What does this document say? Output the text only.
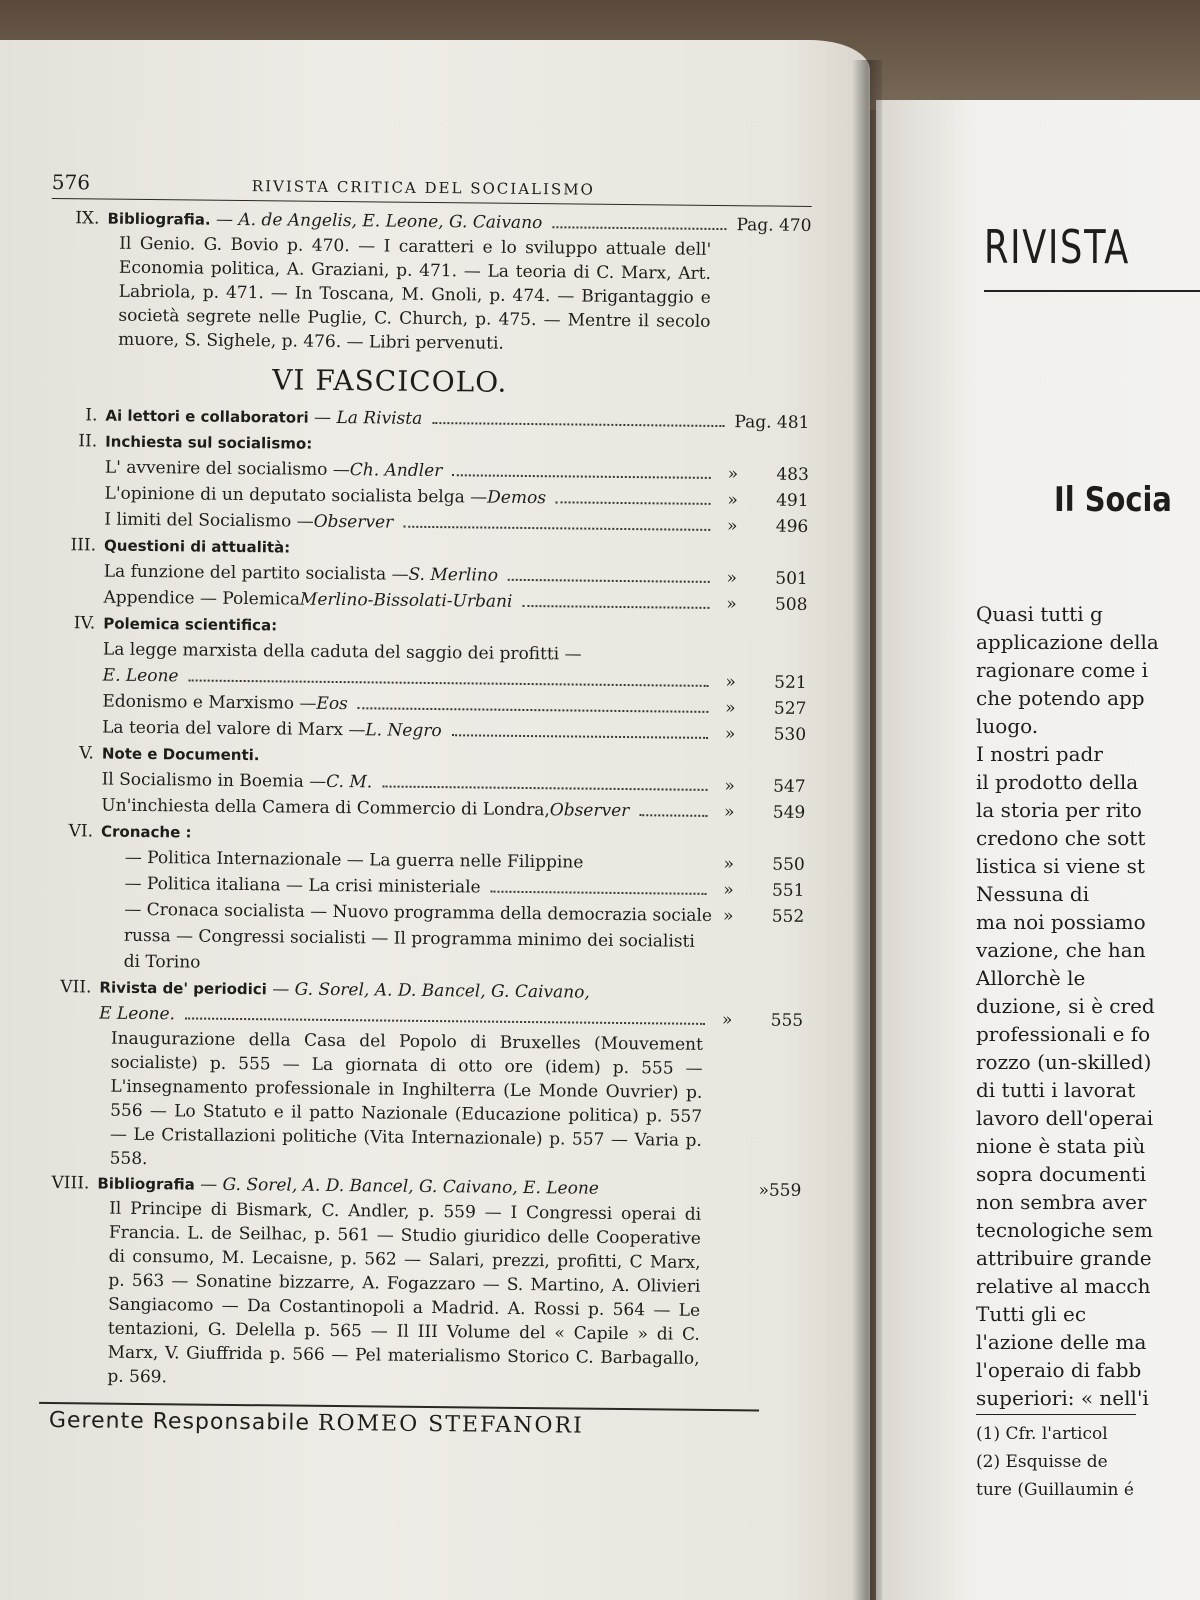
RIVISTA
Il Socia
Quasi tutti g
applicazione della
ragionare come i
che potendo app
luogo.
I nostri padr
il prodotto della
la storia per rito
credono che sott
listica si viene st
Nessuna di
ma noi possiamo
vazione, che han
Allorchè le
duzione, si è cred
professionali e fo
rozzo (un-skilled)
di tutti i lavorat
lavoro dell'operai
nione è stata più
sopra documenti
non sembra aver
tecnologiche sem
attribuire grande
relative al macch
Tutti gli ec
l'azione delle ma
l'operaio di fabb
superiori: « nell'i
(1) Cfr. l'articol
(2) Esquisse de
ture (Guillaumin é
576	RIVISTA CRITICA DEL SOCIALISMO
IX. Bibliografia.
— A. de Angelis, E. Leone, G. Caivano	Pag. 470
Il Genio. G. Bovio p. 470. — I caratteri e lo sviluppo attuale dell' Economia politica, A. Graziani, p. 471. — La teoria di C. Marx, Art. Labriola, p. 471. — In Toscana, M. Gnoli, p. 474. — Brigantaggio e società segrete nelle Puglie, C. Church, p. 475. — Mentre il secolo muore, S. Sighele, p. 476. — Libri pervenuti.
VI FASCICOLO.
I. Ai lettori e collaboratori
— La Rivista	Pag. 481
II. Inchiesta sul socialismo:
L' avvenire del socialismo — Ch. Andler	»	483
L'opinione di un deputato socialista belga — Demos	»	491
I limiti del Socialismo — Observer	»	496
III. Questioni di attualità:
La funzione del partito socialista — S. Merlino	»	501
Appendice — Polemica Merlino-Bissolati-Urbani	»	508
IV. Polemica scientifica:
La legge marxista della caduta del saggio dei profitti —
E. Leone	»	521
Edonismo e Marxismo — Eos	»	527
La teoria del valore di Marx — L. Negro	»	530
V. Note e Documenti.
Il Socialismo in Boemia — C. M.	»	547
Un'inchiesta della Camera di Commercio di Londra, Observer	»	549
VI. Cronache :
— Politica Internazionale — La guerra nelle Filippine	»	550
— Politica italiana — La crisi ministeriale	»	551
— Cronaca socialista — Nuovo programma della democrazia sociale russa — Congressi socialisti — Il programma minimo dei socialisti di Torino
»	552
VII. Rivista de' periodici
— G. Sorel, A. D. Bancel, G. Caivano,
E Leone.	»	555
Inaugurazione della Casa del Popolo di Bruxelles (Mouvement socialiste) p. 555 — La giornata di otto ore (idem) p. 555 — L'insegnamento professionale in Inghilterra (Le Monde Ouvrier) p. 556 — Lo Statuto e il patto Nazionale (Educazione politica) p. 557 — Le Cristallazioni politiche (Vita Internazionale) p. 557 — Varia p. 558.
VIII. Bibliografia
— G. Sorel, A. D. Bancel, G. Caivano, E. Leone	» 559
Il Principe di Bismark, C. Andler, p. 559 — I Congressi operai di Francia. L. de Seilhac, p. 561 — Studio giuridico delle Cooperative di consumo, M. Lecaisne, p. 562 — Salari, prezzi, profitti, C Marx, p. 563 — Sonatine bizzarre, A. Fogazzaro — S. Martino, A. Olivieri Sangiacomo — Da Costantinopoli a Madrid. A. Rossi p. 564 — Le tentazioni, G. Delella p. 565 — Il III Volume del « Capile » di C. Marx, V. Giuffrida p. 566 — Pel materialismo Storico C. Barbagallo, p. 569.
Gerente Responsabile ROMEO STEFANORI
